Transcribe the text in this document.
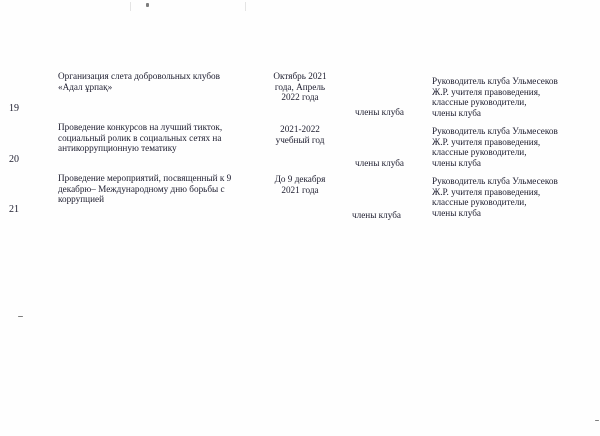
19
Организация слета добровольных клубов
«Адал ұрпақ»
Октябрь 2021
года, Апрель
2022 года
члены клуба
Руководитель клуба Ульмесеков
Ж.Р. учителя правоведения,
классные руководители,
члены клуба
20
Проведение конкурсов на лучший тикток,
социальный ролик в социальных сетях на
антикоррупционную тематику
2021-2022
учебный год
члены клуба
Руководитель клуба Ульмесеков
Ж.Р. учителя правоведения,
классные руководители,
члены клуба
21
Проведение мероприятий, посвященный к 9
декабрю– Международному дню борьбы с
коррупцией
До 9 декабря
2021 года
члены клуба
Руководитель клуба Ульмесеков
Ж.Р. учителя правоведения,
классные руководители,
члены клуба
